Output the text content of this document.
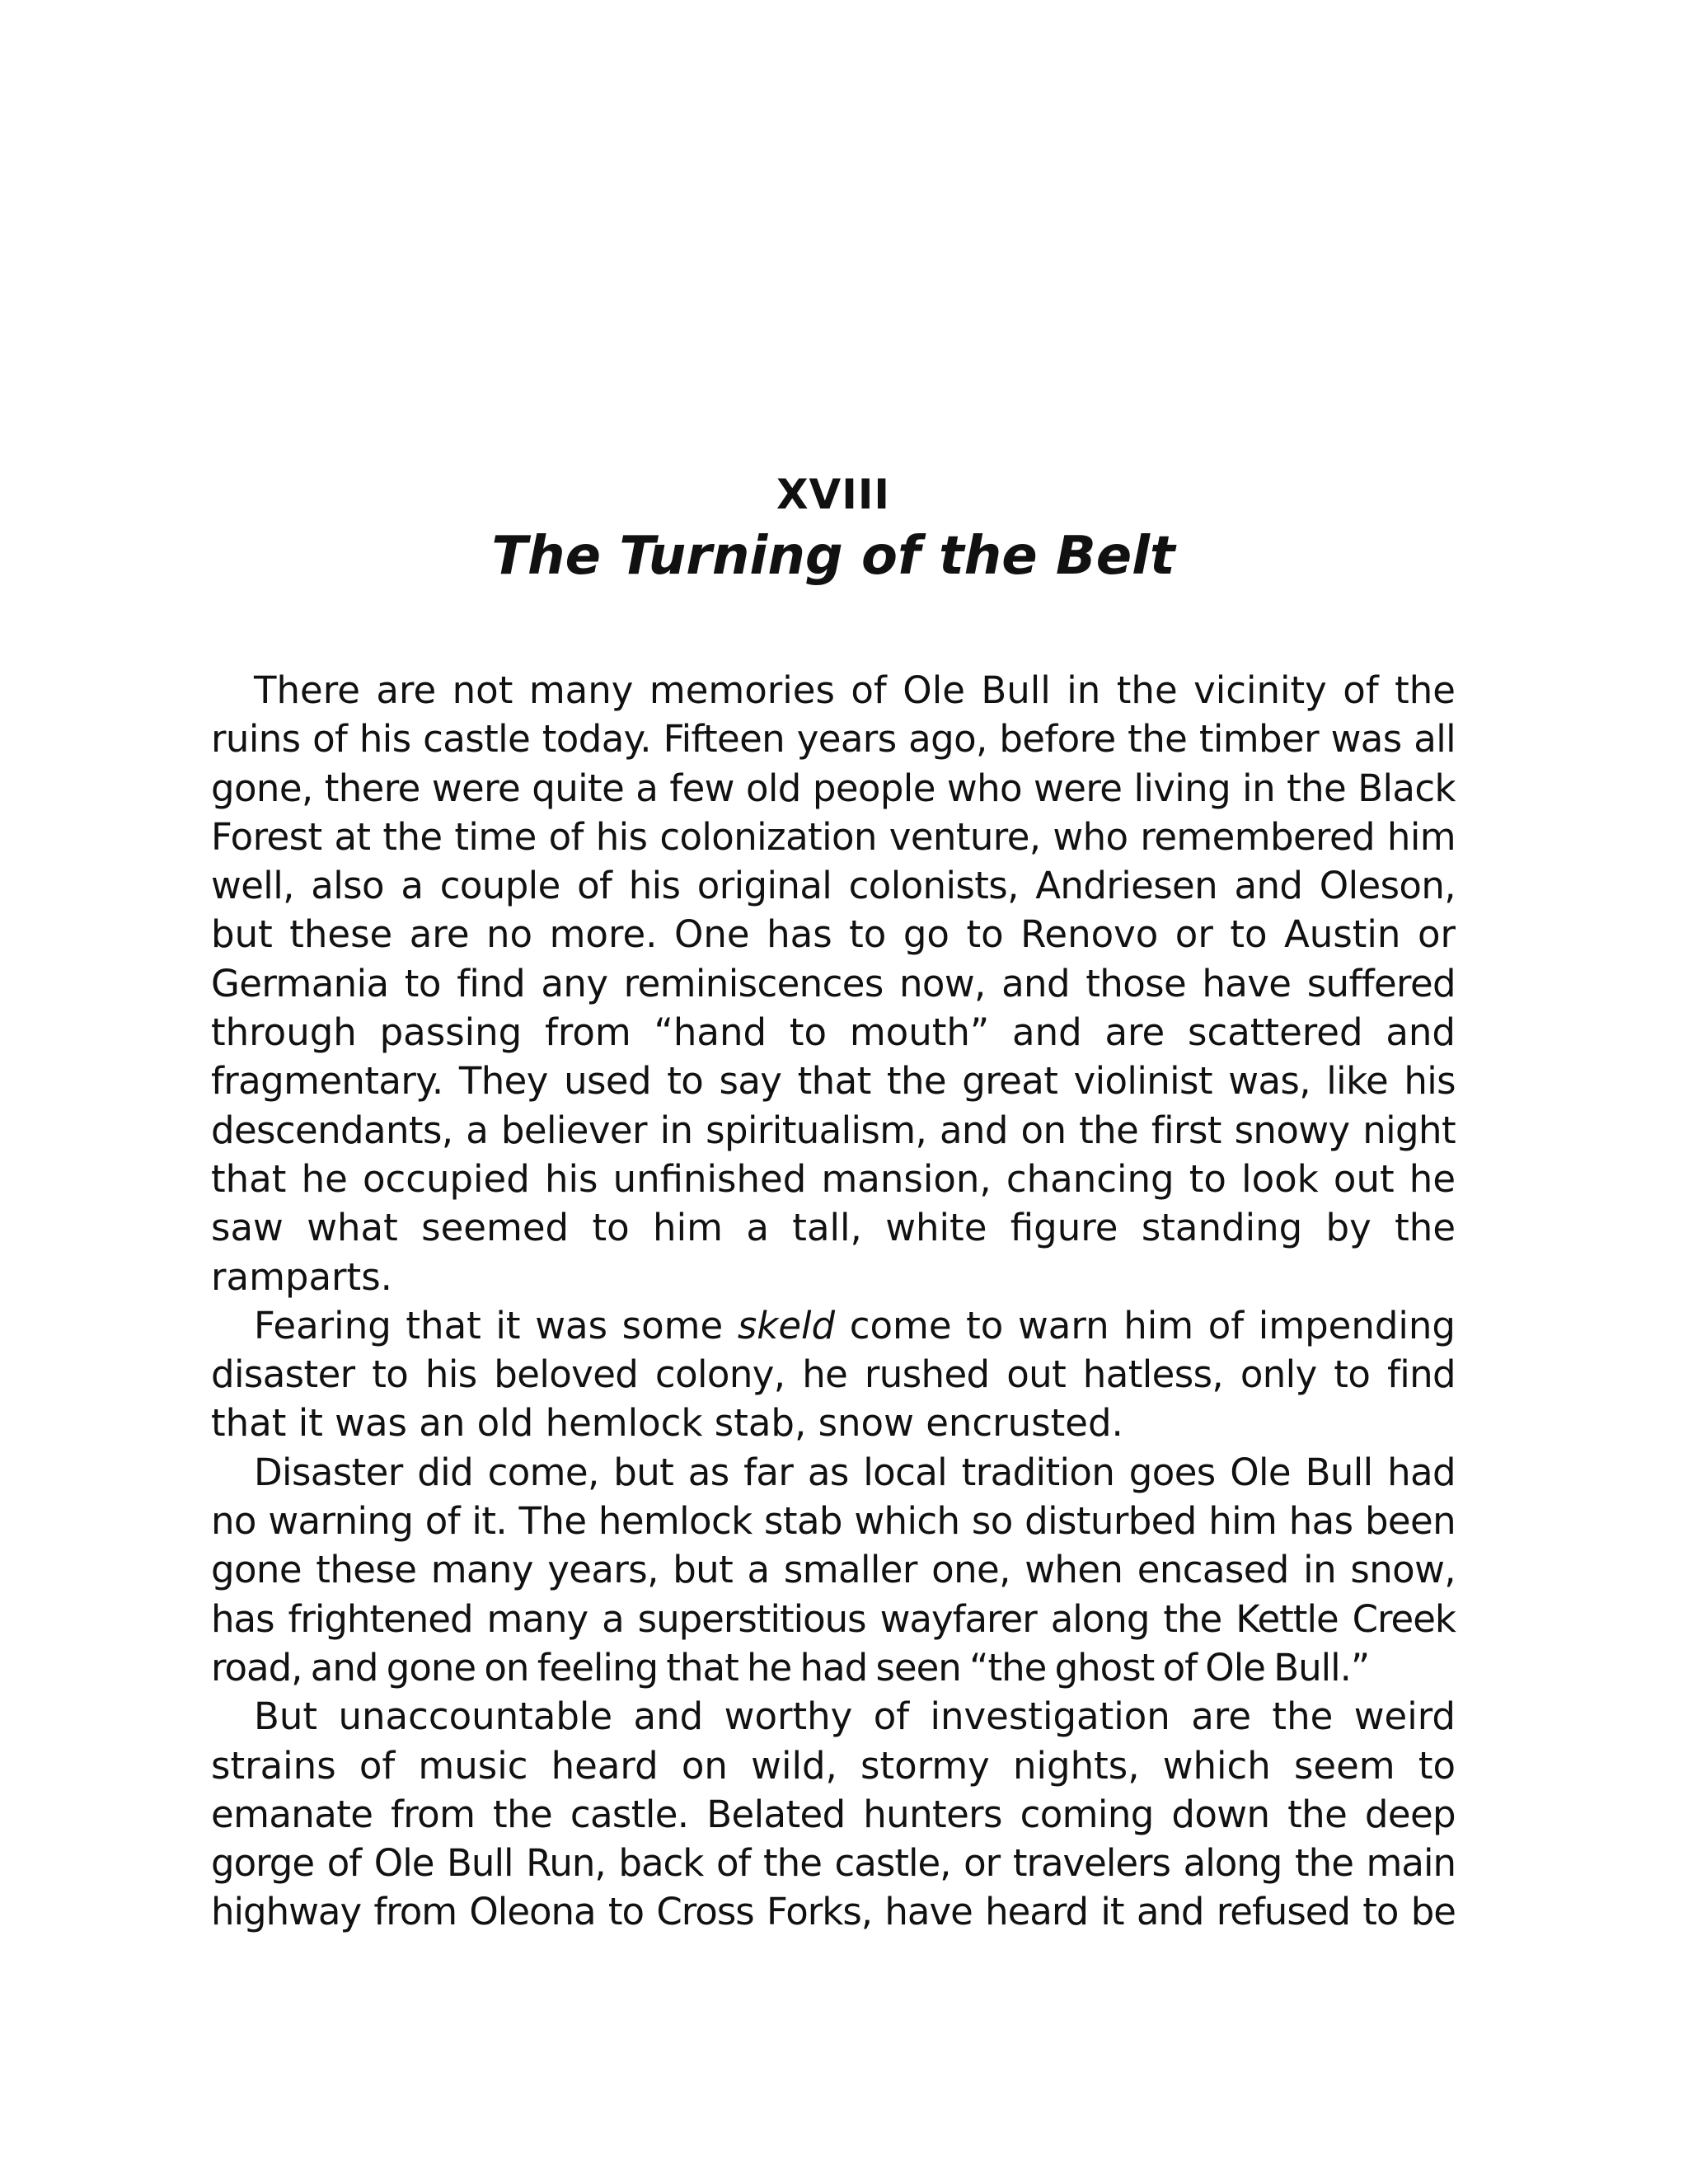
XVIII
The Turning of the Belt
There are not many memories of Ole Bull in the vicinity of the
ruins of his castle today. Fifteen years ago, before the timber was all
gone, there were quite a few old people who were living in the Black
Forest at the time of his colonization venture, who remembered him
well, also a couple of his original colonists, Andriesen and Oleson,
but these are no more. One has to go to Renovo or to Austin or
Germania to find any reminiscences now, and those have suffered
through passing from “hand to mouth” and are scattered and
fragmentary. They used to say that the great violinist was, like his
descendants, a believer in spiritualism, and on the first snowy night
that he occupied his unfinished mansion, chancing to look out he
saw what seemed to him a tall, white figure standing by the
ramparts.
Fearing that it was some skeld come to warn him of impending
disaster to his beloved colony, he rushed out hatless, only to find
that it was an old hemlock stab, snow encrusted.
Disaster did come, but as far as local tradition goes Ole Bull had
no warning of it. The hemlock stab which so disturbed him has been
gone these many years, but a smaller one, when encased in snow,
has frightened many a superstitious wayfarer along the Kettle Creek
road, and gone on feeling that he had seen “the ghost of Ole Bull.”
But unaccountable and worthy of investigation are the weird
strains of music heard on wild, stormy nights, which seem to
emanate from the castle. Belated hunters coming down the deep
gorge of Ole Bull Run, back of the castle, or travelers along the main
highway from Oleona to Cross Forks, have heard it and refused to be
